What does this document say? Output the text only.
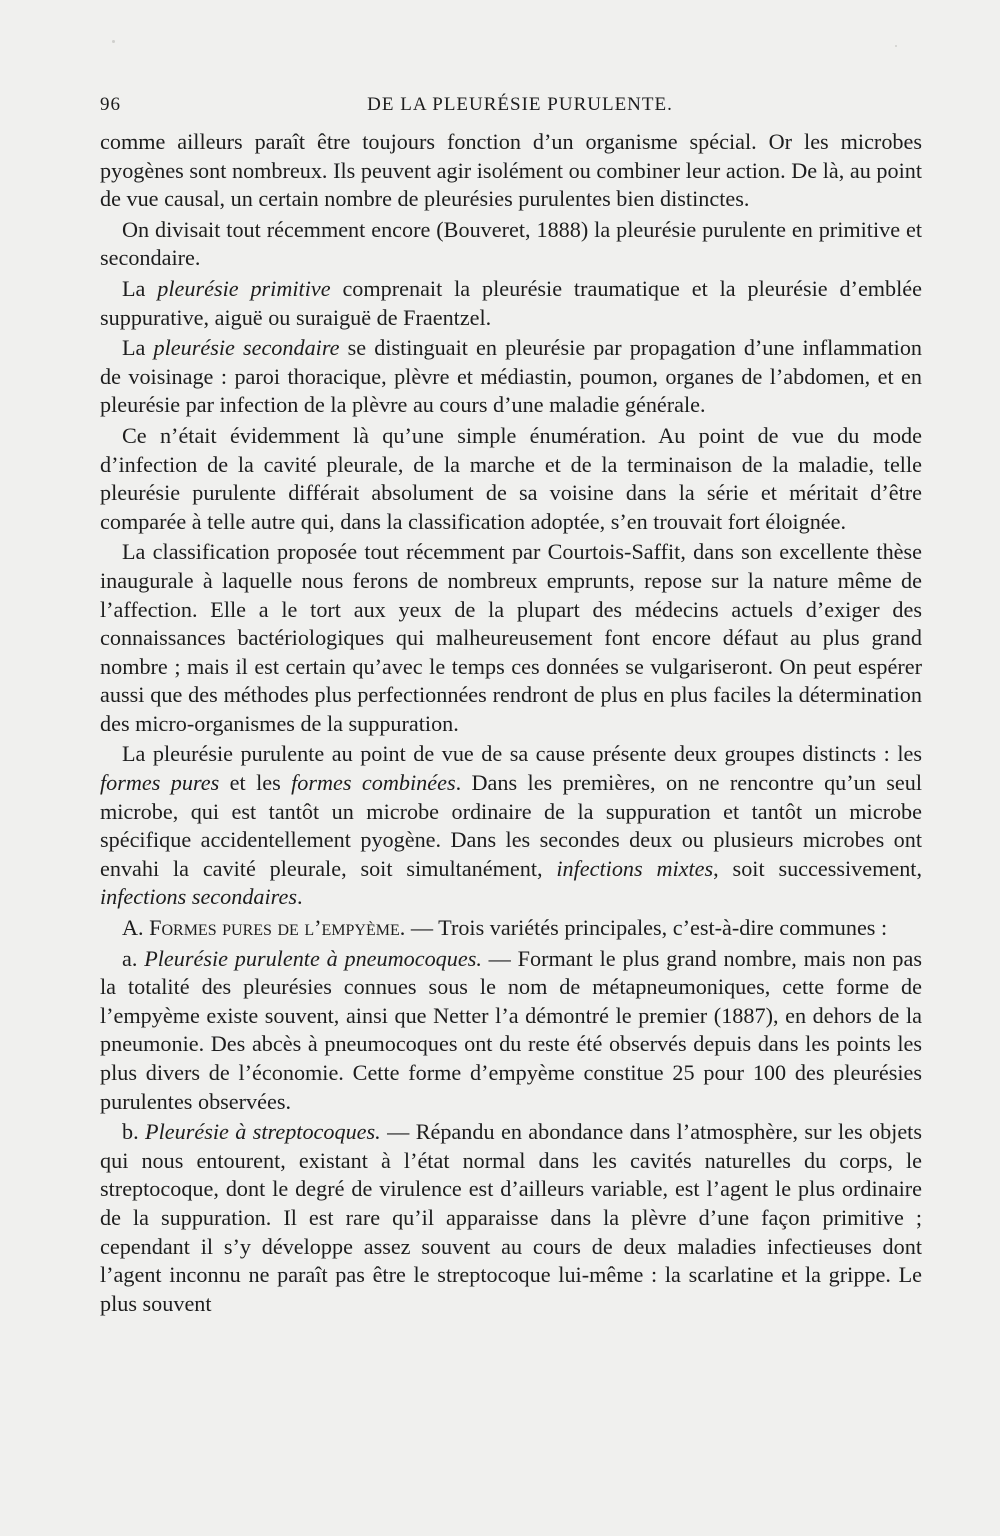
96	DE LA PLEURÉSIE PURULENTE.

comme ailleurs paraît être toujours fonction d’un organisme spécial. Or les microbes pyogènes sont nombreux. Ils peuvent agir isolément ou combiner leur action. De là, au point de vue causal, un certain nombre de pleurésies purulentes bien distinctes.

On divisait tout récemment encore (Bouveret, 1888) la pleurésie purulente en primitive et secondaire.

La pleurésie primitive comprenait la pleurésie traumatique et la pleurésie d’emblée suppurative, aiguë ou suraiguë de Fraentzel.

La pleurésie secondaire se distinguait en pleurésie par propagation d’une inflammation de voisinage : paroi thoracique, plèvre et médiastin, poumon, organes de l’abdomen, et en pleurésie par infection de la plèvre au cours d’une maladie générale.

Ce n’était évidemment là qu’une simple énumération. Au point de vue du mode d’infection de la cavité pleurale, de la marche et de la terminaison de la maladie, telle pleurésie purulente différait absolument de sa voisine dans la série et méritait d’être comparée à telle autre qui, dans la classification adoptée, s’en trouvait fort éloignée.

La classification proposée tout récemment par Courtois-Saffit, dans son excellente thèse inaugurale à laquelle nous ferons de nombreux emprunts, repose sur la nature même de l’affection. Elle a le tort aux yeux de la plupart des médecins actuels d’exiger des connaissances bactériologiques qui malheureusement font encore défaut au plus grand nombre ; mais il est certain qu’avec le temps ces données se vulgariseront. On peut espérer aussi que des méthodes plus perfectionnées rendront de plus en plus faciles la détermination des micro-organismes de la suppuration.

La pleurésie purulente au point de vue de sa cause présente deux groupes distincts : les formes pures et les formes combinées. Dans les premières, on ne rencontre qu’un seul microbe, qui est tantôt un microbe ordinaire de la suppuration et tantôt un microbe spécifique accidentellement pyogène. Dans les secondes deux ou plusieurs microbes ont envahi la cavité pleurale, soit simultanément, infections mixtes, soit successivement, infections secondaires.

A. Formes pures de l’empyème. — Trois variétés principales, c’est-à-dire communes :

a. Pleurésie purulente à pneumocoques. — Formant le plus grand nombre, mais non pas la totalité des pleurésies connues sous le nom de métapneumoniques, cette forme de l’empyème existe souvent, ainsi que Netter l’a démontré le premier (1887), en dehors de la pneumonie. Des abcès à pneumocoques ont du reste été observés depuis dans les points les plus divers de l’économie. Cette forme d’empyème constitue 25 pour 100 des pleurésies purulentes observées.

b. Pleurésie à streptocoques. — Répandu en abondance dans l’atmosphère, sur les objets qui nous entourent, existant à l’état normal dans les cavités naturelles du corps, le streptocoque, dont le degré de virulence est d’ailleurs variable, est l’agent le plus ordinaire de la suppuration. Il est rare qu’il apparaisse dans la plèvre d’une façon primitive ; cependant il s’y développe assez souvent au cours de deux maladies infectieuses dont l’agent inconnu ne paraît pas être le streptocoque lui-même : la scarlatine et la grippe. Le plus souvent
